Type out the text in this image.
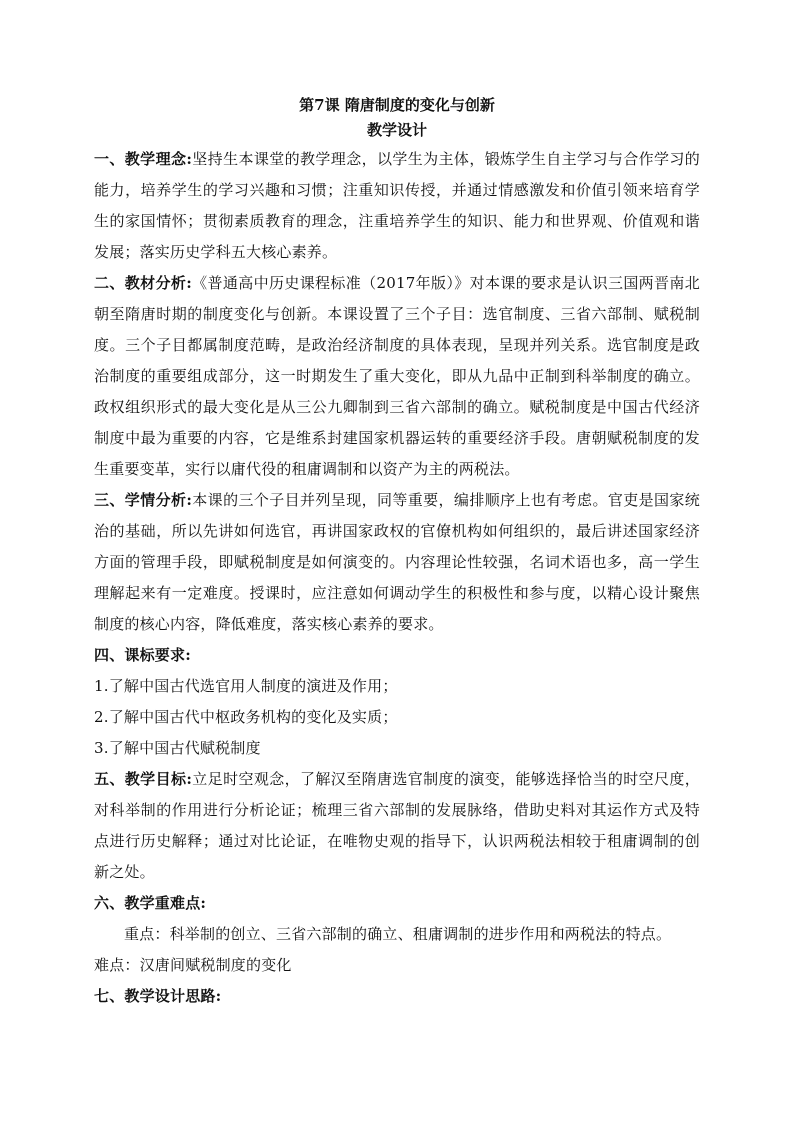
第7课 隋唐制度的变化与创新

教学设计

一、教学理念:坚持生本课堂的教学理念，以学生为主体，锻炼学生自主学习与合作学习的能力，培养学生的学习兴趣和习惯；注重知识传授，并通过情感激发和价值引领来培育学生的家国情怀；贯彻素质教育的理念，注重培养学生的知识、能力和世界观、价值观和谐发展；落实历史学科五大核心素养。

二、教材分析:《普通高中历史课程标准（2017年版）》对本课的要求是认识三国两晋南北朝至隋唐时期的制度变化与创新。本课设置了三个子目：选官制度、三省六部制、赋税制度。三个子目都属制度范畴，是政治经济制度的具体表现，呈现并列关系。选官制度是政治制度的重要组成部分，这一时期发生了重大变化，即从九品中正制到科举制度的确立。政权组织形式的最大变化是从三公九卿制到三省六部制的确立。赋税制度是中国古代经济制度中最为重要的内容，它是维系封建国家机器运转的重要经济手段。唐朝赋税制度的发生重要变革，实行以庸代役的租庸调制和以资产为主的两税法。

三、学情分析:本课的三个子目并列呈现，同等重要，编排顺序上也有考虑。官吏是国家统治的基础，所以先讲如何选官，再讲国家政权的官僚机构如何组织的，最后讲述国家经济方面的管理手段，即赋税制度是如何演变的。内容理论性较强，名词术语也多，高一学生理解起来有一定难度。授课时，应注意如何调动学生的积极性和参与度，以精心设计聚焦制度的核心内容，降低难度，落实核心素养的要求。

四、课标要求:

1.了解中国古代选官用人制度的演进及作用；

2.了解中国古代中枢政务机构的变化及实质；

3.了解中国古代赋税制度

五、教学目标:立足时空观念，了解汉至隋唐选官制度的演变，能够选择恰当的时空尺度，对科举制的作用进行分析论证；梳理三省六部制的发展脉络，借助史料对其运作方式及特点进行历史解释；通过对比论证，在唯物史观的指导下，认识两税法相较于租庸调制的创新之处。

六、教学重难点:

重点：科举制的创立、三省六部制的确立、租庸调制的进步作用和两税法的特点。

难点：汉唐间赋税制度的变化

七、教学设计思路:
